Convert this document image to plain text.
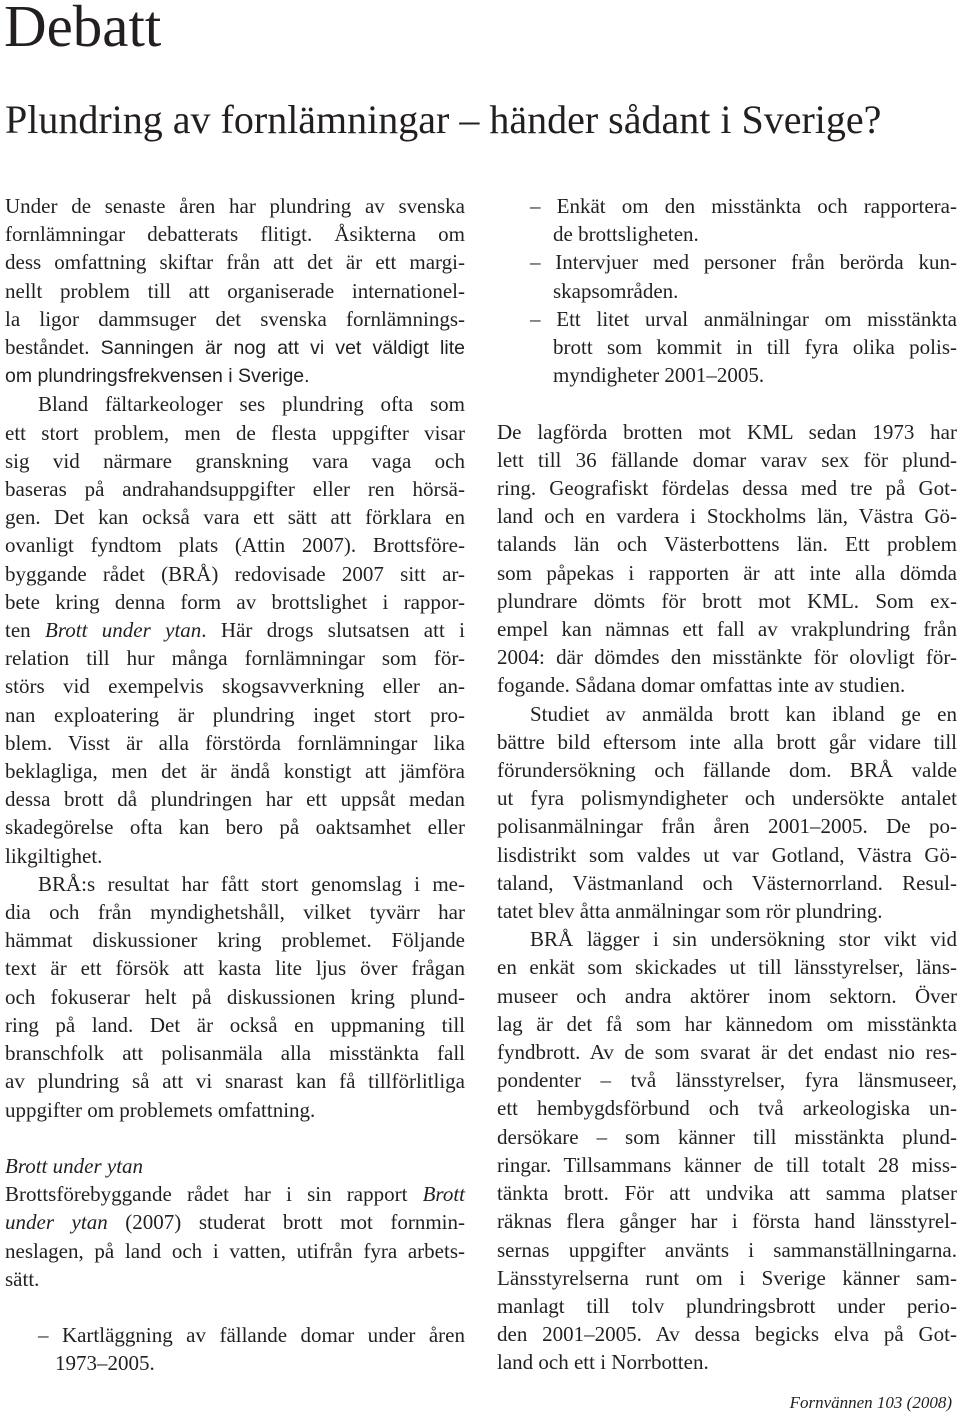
Debatt
Plundring av fornlämningar – händer sådant i Sverige?
Under de senaste åren har plundring av svenska
fornlämningar debatterats flitigt. Åsikterna om
dess omfattning skiftar från att det är ett margi-
nellt problem till att organiserade internationel-
la ligor dammsuger det svenska fornlämnings-
beståndet. Sanningen är nog att vi vet väldigt lite
om plundringsfrekvensen i Sverige.
Bland fältarkeologer ses plundring ofta som
ett stort problem, men de flesta uppgifter visar
sig vid närmare granskning vara vaga och
baseras på andrahandsuppgifter eller ren hörsä-
gen. Det kan också vara ett sätt att förklara en
ovanligt fyndtom plats (Attin 2007). Brottsföre-
byggande rådet (BRÅ) redovisade 2007 sitt ar-
bete kring denna form av brottslighet i rappor-
ten Brott under ytan. Här drogs slutsatsen att i
relation till hur många fornlämningar som för-
störs vid exempelvis skogsavverkning eller an-
nan exploatering är plundring inget stort pro-
blem. Visst är alla förstörda fornlämningar lika
beklagliga, men det är ändå konstigt att jämföra
dessa brott då plundringen har ett uppsåt medan
skadegörelse ofta kan bero på oaktsamhet eller
likgiltighet.
BRÅ:s resultat har fått stort genomslag i me-
dia och från myndighetshåll, vilket tyvärr har
hämmat diskussioner kring problemet. Följande
text är ett försök att kasta lite ljus över frågan
och fokuserar helt på diskussionen kring plund-
ring på land. Det är också en uppmaning till
branschfolk att polisanmäla alla misstänkta fall
av plundring så att vi snarast kan få tillförlitliga
uppgifter om problemets omfattning.
Brott under ytan
Brottsförebyggande rådet har i sin rapport Brott
under ytan (2007) studerat brott mot fornmin-
neslagen, på land och i vatten, utifrån fyra arbets-
sätt.
– Kartläggning av fällande domar under åren
1973–2005.
– Enkät om den misstänkta och rapportera-
de brottsligheten.
– Intervjuer med personer från berörda kun-
skapsområden.
– Ett litet urval anmälningar om misstänkta
brott som kommit in till fyra olika polis-
myndigheter 2001–2005.
De lagförda brotten mot KML sedan 1973 har
lett till 36 fällande domar varav sex för plund-
ring. Geografiskt fördelas dessa med tre på Got-
land och en vardera i Stockholms län, Västra Gö-
talands län och Västerbottens län. Ett problem
som påpekas i rapporten är att inte alla dömda
plundrare dömts för brott mot KML. Som ex-
empel kan nämnas ett fall av vrakplundring från
2004: där dömdes den misstänkte för olovligt för-
fogande. Sådana domar omfattas inte av studien.
Studiet av anmälda brott kan ibland ge en
bättre bild eftersom inte alla brott går vidare till
förundersökning och fällande dom. BRÅ valde
ut fyra polismyndigheter och undersökte antalet
polisanmälningar från åren 2001–2005. De po-
lisdistrikt som valdes ut var Gotland, Västra Gö-
taland, Västmanland och Västernorrland. Resul-
tatet blev åtta anmälningar som rör plundring.
BRÅ lägger i sin undersökning stor vikt vid
en enkät som skickades ut till länsstyrelser, läns-
museer och andra aktörer inom sektorn. Över
lag är det få som har kännedom om misstänkta
fyndbrott. Av de som svarat är det endast nio res-
pondenter – två länsstyrelser, fyra länsmuseer,
ett hembygdsförbund och två arkeologiska un-
dersökare – som känner till misstänkta plund-
ringar. Tillsammans känner de till totalt 28 miss-
tänkta brott. För att undvika att samma platser
räknas flera gånger har i första hand länsstyrel-
sernas uppgifter använts i sammanställningarna.
Länsstyrelserna runt om i Sverige känner sam-
manlagt till tolv plundringsbrott under perio-
den 2001–2005. Av dessa begicks elva på Got-
land och ett i Norrbotten.
Fornvännen 103 (2008)
